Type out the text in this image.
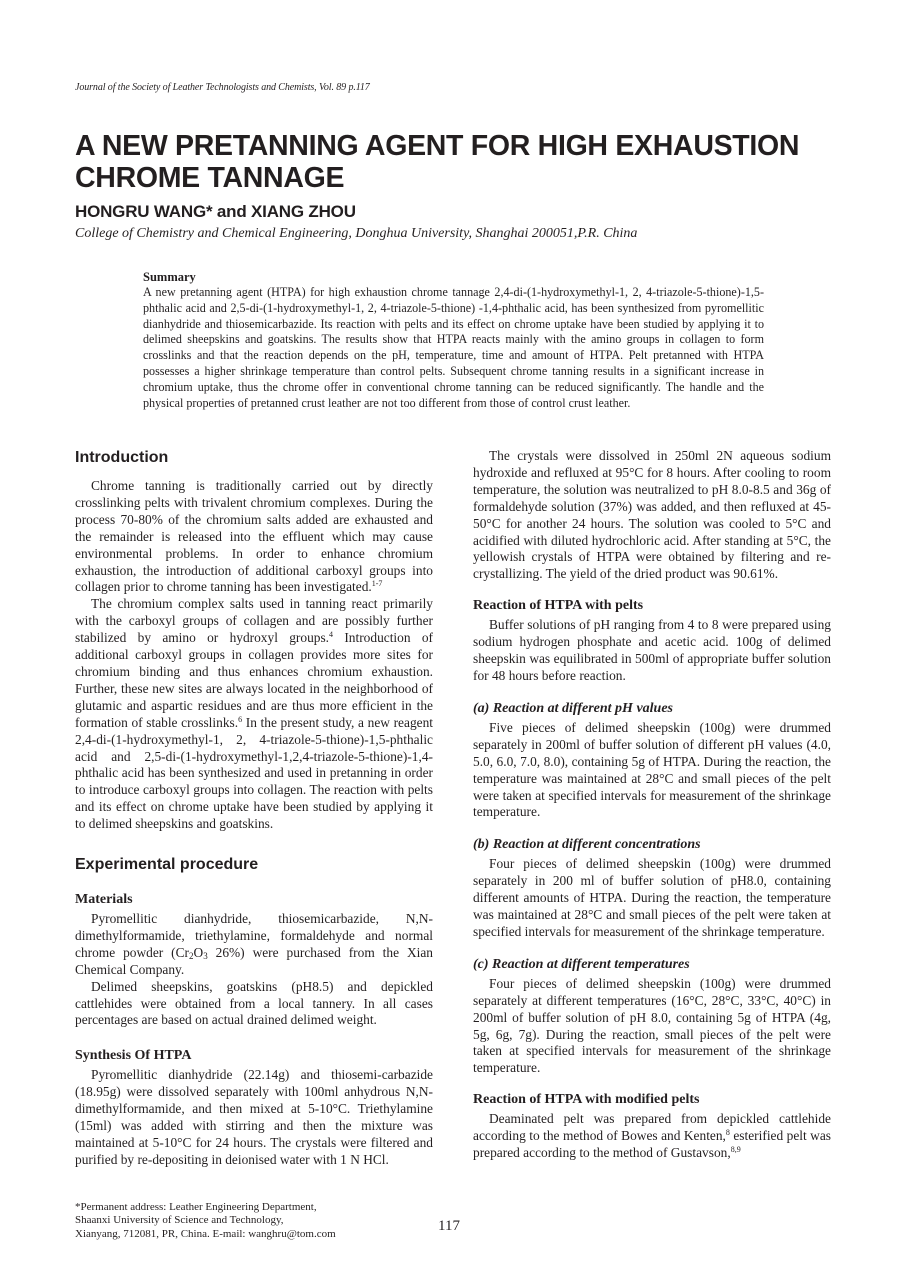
Journal of the Society of Leather Technologists and Chemists, Vol. 89 p.117
A NEW PRETANNING AGENT FOR HIGH EXHAUSTION CHROME TANNAGE
HONGRU WANG* and XIANG ZHOU
College of Chemistry and Chemical Engineering, Donghua University, Shanghai 200051,P.R. China
Summary

A new pretanning agent (HTPA) for high exhaustion chrome tannage 2,4-di-(1-hydroxymethyl-1, 2, 4-triazole-5-thione)-1,5-phthalic acid and 2,5-di-(1-hydroxymethyl-1, 2, 4-triazole-5-thione) -1,4-phthalic acid, has been synthesized from pyromellitic dianhydride and thiosemicarbazide. Its reaction with pelts and its effect on chrome uptake have been studied by applying it to delimed sheepskins and goatskins. The results show that HTPA reacts mainly with the amino groups in collagen to form crosslinks and that the reaction depends on the pH, temperature, time and amount of HTPA. Pelt pretanned with HTPA possesses a higher shrinkage temperature than control pelts. Subsequent chrome tanning results in a significant increase in chromium uptake, thus the chrome offer in conventional chrome tanning can be reduced significantly. The handle and the physical properties of pretanned crust leather are not too different from those of control crust leather.

Introduction

Chrome tanning is traditionally carried out by directly crosslinking pelts with trivalent chromium complexes. During the process 70-80% of the chromium salts added are exhausted and the remainder is released into the effluent which may cause environmental problems. In order to enhance chromium exhaustion, the introduction of additional carboxyl groups into collagen prior to chrome tanning has been investigated.$^{1-7}$

The chromium complex salts used in tanning react primarily with the carboxyl groups of collagen and are possibly further stabilized by amino or hydroxyl groups.$^4$ Introduction of additional carboxyl groups in collagen provides more sites for chromium binding and thus enhances chromium exhaustion. Further, these new sites are always located in the neighborhood of glutamic and aspartic residues and are thus more efficient in the formation of stable crosslinks.$^6$ In the present study, a new reagent 2,4-di-(1-hydroxymethyl-1, 2, 4-triazole-5-thione)-1,5-phthalic acid and 2,5-di-(1-hydroxymethyl-1,2,4-triazole-5-thione)-1,4-phthalic acid has been synthesized and used in pretanning in order to introduce carboxyl groups into collagen. The reaction with pelts and its effect on chrome uptake have been studied by applying it to delimed sheepskins and goatskins.

Experimental procedure
Materials

Pyromellitic dianhydride, thiosemicarbazide, N,N-dimethylformamide, triethylamine, formaldehyde and normal chrome powder ($Cr_2O_3$ 26%) were purchased from the Xian Chemical Company.

Delimed sheepskins, goatskins (pH8.5) and depickled cattlehides were obtained from a local tannery. In all cases percentages are based on actual drained delimed weight.

Synthesis Of HTPA

Pyromellitic dianhydride (22.14g) and thiosemi-carbazide (18.95g) were dissolved separately with 100ml anhydrous N,N-dimethylformamide, and then mixed at 5-10°C. Triethylamine (15ml) was added with stirring and then the mixture was maintained at 5-10°C for 24 hours. The crystals were filtered and purified by re-depositing in deionised water with 1 N HCl.

The crystals were dissolved in 250ml 2N aqueous sodium hydroxide and refluxed at 95°C for 8 hours. After cooling to room temperature, the solution was neutralized to pH 8.0-8.5 and 36g of formaldehyde solution (37%) was added, and then refluxed at 45-50°C for another 24 hours. The solution was cooled to 5°C and acidified with diluted hydrochloric acid. After standing at 5°C, the yellowish crystals of HTPA were obtained by filtering and re-crystallizing. The yield of the dried product was 90.61%.

Reaction of HTPA with pelts

Buffer solutions of pH ranging from 4 to 8 were prepared using sodium hydrogen phosphate and acetic acid. 100g of delimed sheepskin was equilibrated in 500ml of appropriate buffer solution for 48 hours before reaction.

(a) Reaction at different pH values

Five pieces of delimed sheepskin (100g) were drummed separately in 200ml of buffer solution of different pH values (4.0, 5.0, 6.0, 7.0, 8.0), containing 5g of HTPA. During the reaction, the temperature was maintained at 28°C and small pieces of the pelt were taken at specified intervals for measurement of the shrinkage temperature.

(b) Reaction at different concentrations

Four pieces of delimed sheepskin (100g) were drummed separately in 200 ml of buffer solution of pH8.0, containing different amounts of HTPA. During the reaction, the temperature was maintained at 28°C and small pieces of the pelt were taken at specified intervals for measurement of the shrinkage temperature.

(c) Reaction at different temperatures

Four pieces of delimed sheepskin (100g) were drummed separately at different temperatures (16°C, 28°C, 33°C, 40°C) in 200ml of buffer solution of pH 8.0, containing 5g of HTPA (4g, 5g, 6g, 7g). During the reaction, small pieces of the pelt were taken at specified intervals for measurement of the shrinkage temperature.

Reaction of HTPA with modified pelts

Deaminated pelt was prepared from depickled cattlehide according to the method of Bowes and Kenten,$^8$ esterified pelt was prepared according to the method of Gustavson,$^{8,9}$

*Permanent address: Leather Engineering Department,
Shaanxi University of Science and Technology,
Xianyang, 712081, PR, China. E-mail: wanghru@tom.com	117
